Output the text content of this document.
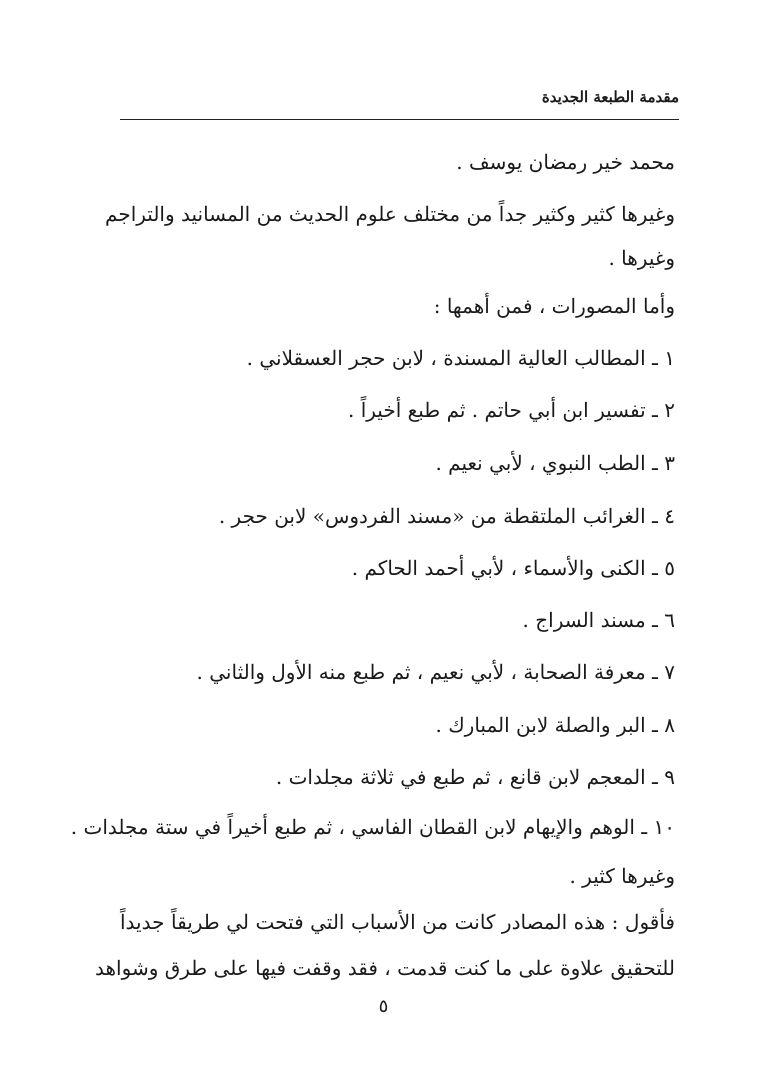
مقدمة الطبعة الجديدة
محمد خير رمضان يوسف .
وغيرها كثير وكثير جداً من مختلف علوم الحديث من المسانيد والتراجم
وغيرها .
وأما المصورات ، فمن أهمها :
١ ـ المطالب العالية المسندة ، لابن حجر العسقلاني .
٢ ـ تفسير ابن أبي حاتم . ثم طبع أخيراً .
٣ ـ الطب النبوي ، لأبي نعيم .
٤ ـ الغرائب الملتقطة من «مسند الفردوس» لابن حجر .
٥ ـ الكنى والأسماء ، لأبي أحمد الحاكم .
٦ ـ مسند السراج .
٧ ـ معرفة الصحابة ، لأبي نعيم ، ثم طبع منه الأول والثاني .
٨ ـ البر والصلة لابن المبارك .
٩ ـ المعجم لابن قانع ، ثم طبع في ثلاثة مجلدات .
١٠ ـ الوهم والإيهام لابن القطان الفاسي ، ثم طبع أخيراً في ستة مجلدات .
وغيرها كثير .
فأقول : هذه المصادر كانت من الأسباب التي فتحت لي طريقاً جديداً
للتحقيق علاوة على ما كنت قدمت ، فقد وقفت فيها على طرق وشواهد
٥
